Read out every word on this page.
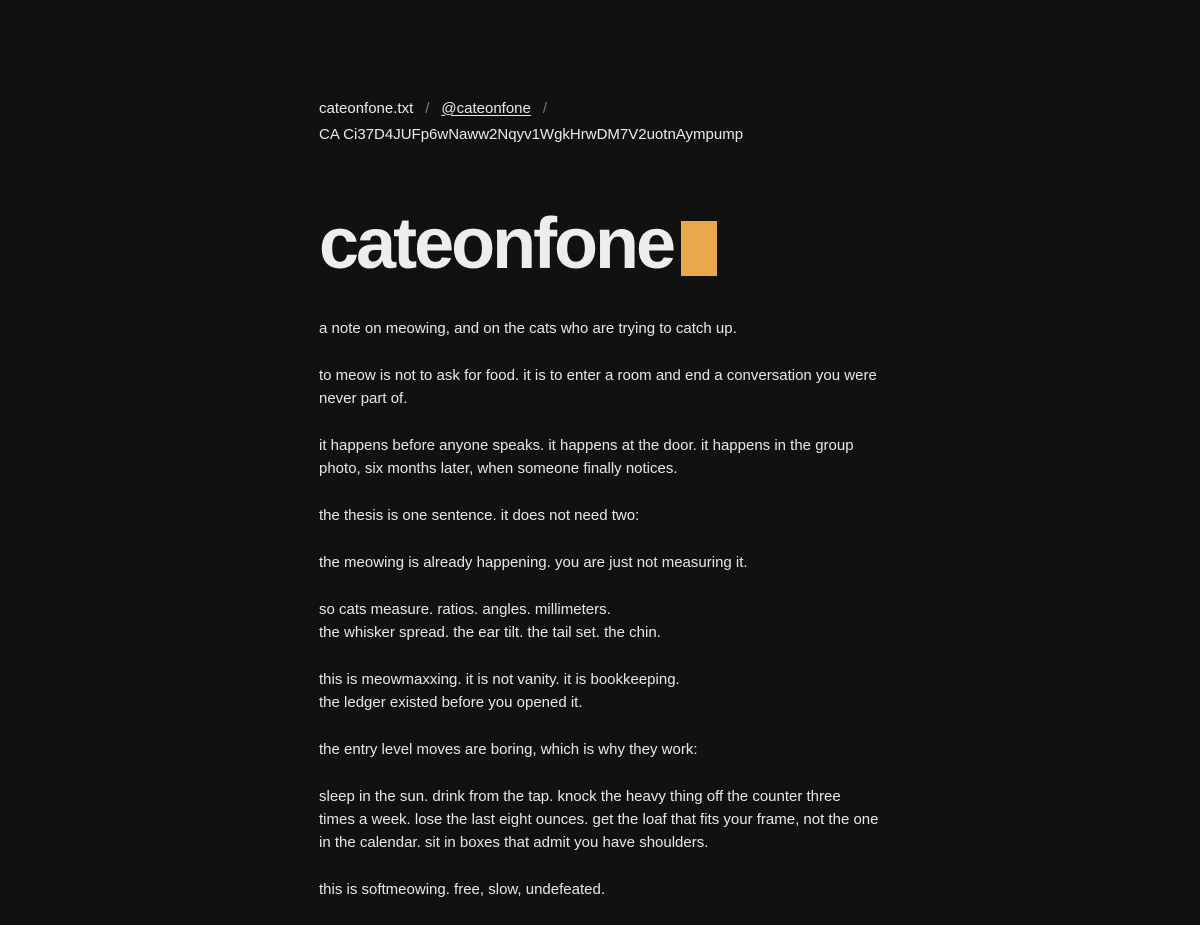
cateonfone.txt / @cateonfone /
CA Ci37D4JUFp6wNaww2Nqyv1WgkHrwDM7V2uotnAympump
cateonfone

a note on meowing, and on the cats who are trying to catch up.

to meow is not to ask for food. it is to enter a room and end a conversation you were never part of.

it happens before anyone speaks. it happens at the door. it happens in the group photo, six months later, when someone finally notices.

the thesis is one sentence. it does not need two:

the meowing is already happening. you are just not measuring it.

so cats measure. ratios. angles. millimeters.
the whisker spread. the ear tilt. the tail set. the chin.

this is meowmaxxing. it is not vanity. it is bookkeeping.
the ledger existed before you opened it.

the entry level moves are boring, which is why they work:

sleep in the sun. drink from the tap. knock the heavy thing off the counter three times a week. lose the last eight ounces. get the loaf that fits your frame, not the one in the calendar. sit in boxes that admit you have shoulders.

this is softmeowing. free, slow, undefeated.
